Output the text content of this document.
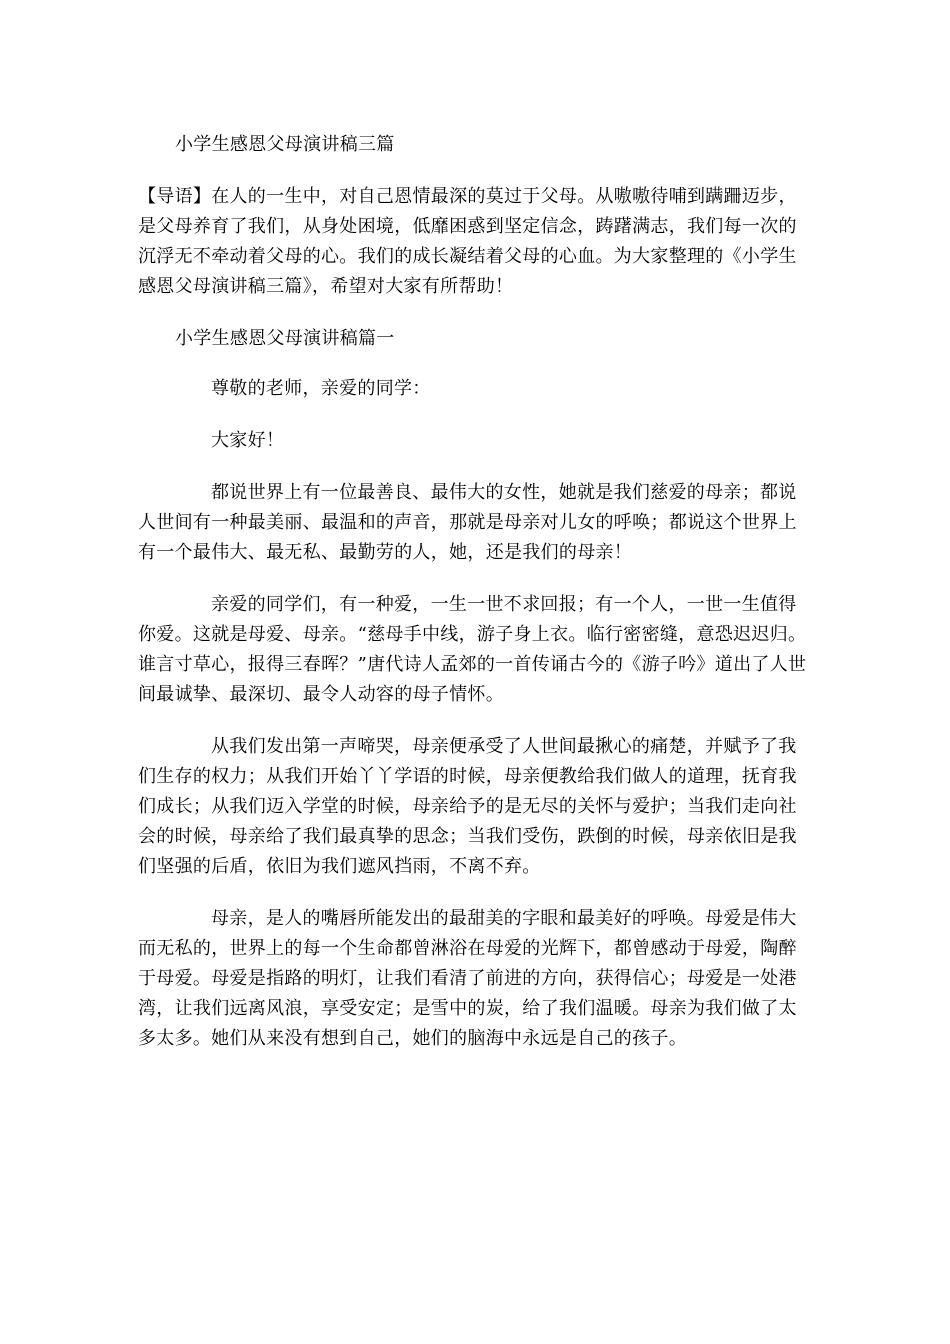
小学生感恩父母演讲稿三篇

【导语】在人的一生中，对自己恩情最深的莫过于父母。从嗷嗷待哺到蹒跚迈步，是父母养育了我们，从身处困境，低靡困惑到坚定信念，踌躇满志，我们每一次的沉浮无不牵动着父母的心。我们的成长凝结着父母的心血。为大家整理的《小学生感恩父母演讲稿三篇》，希望对大家有所帮助！

小学生感恩父母演讲稿篇一

尊敬的老师，亲爱的同学：

大家好！

都说世界上有一位最善良、最伟大的女性，她就是我们慈爱的母亲；都说人世间有一种最美丽、最温和的声音，那就是母亲对儿女的呼唤；都说这个世界上有一个最伟大、最无私、最勤劳的人，她，还是我们的母亲！

亲爱的同学们，有一种爱，一生一世不求回报；有一个人，一世一生值得你爱。这就是母爱、母亲。“慈母手中线，游子身上衣。临行密密缝，意恐迟迟归。谁言寸草心，报得三春晖？”唐代诗人孟郊的一首传诵古今的《游子吟》道出了人世间最诚挚、最深切、最令人动容的母子情怀。

从我们发出第一声啼哭，母亲便承受了人世间最揪心的痛楚，并赋予了我们生存的权力；从我们开始丫丫学语的时候，母亲便教给我们做人的道理，抚育我们成长；从我们迈入学堂的时候，母亲给予的是无尽的关怀与爱护；当我们走向社会的时候，母亲给了我们最真挚的思念；当我们受伤，跌倒的时候，母亲依旧是我们坚强的后盾，依旧为我们遮风挡雨，不离不弃。

母亲，是人的嘴唇所能发出的最甜美的字眼和最美好的呼唤。母爱是伟大而无私的，世界上的每一个生命都曾淋浴在母爱的光辉下，都曾感动于母爱，陶醉于母爱。母爱是指路的明灯，让我们看清了前进的方向，获得信心；母爱是一处港湾，让我们远离风浪，享受安定；是雪中的炭，给了我们温暖。母亲为我们做了太多太多。她们从来没有想到自己，她们的脑海中永远是自己的孩子。
